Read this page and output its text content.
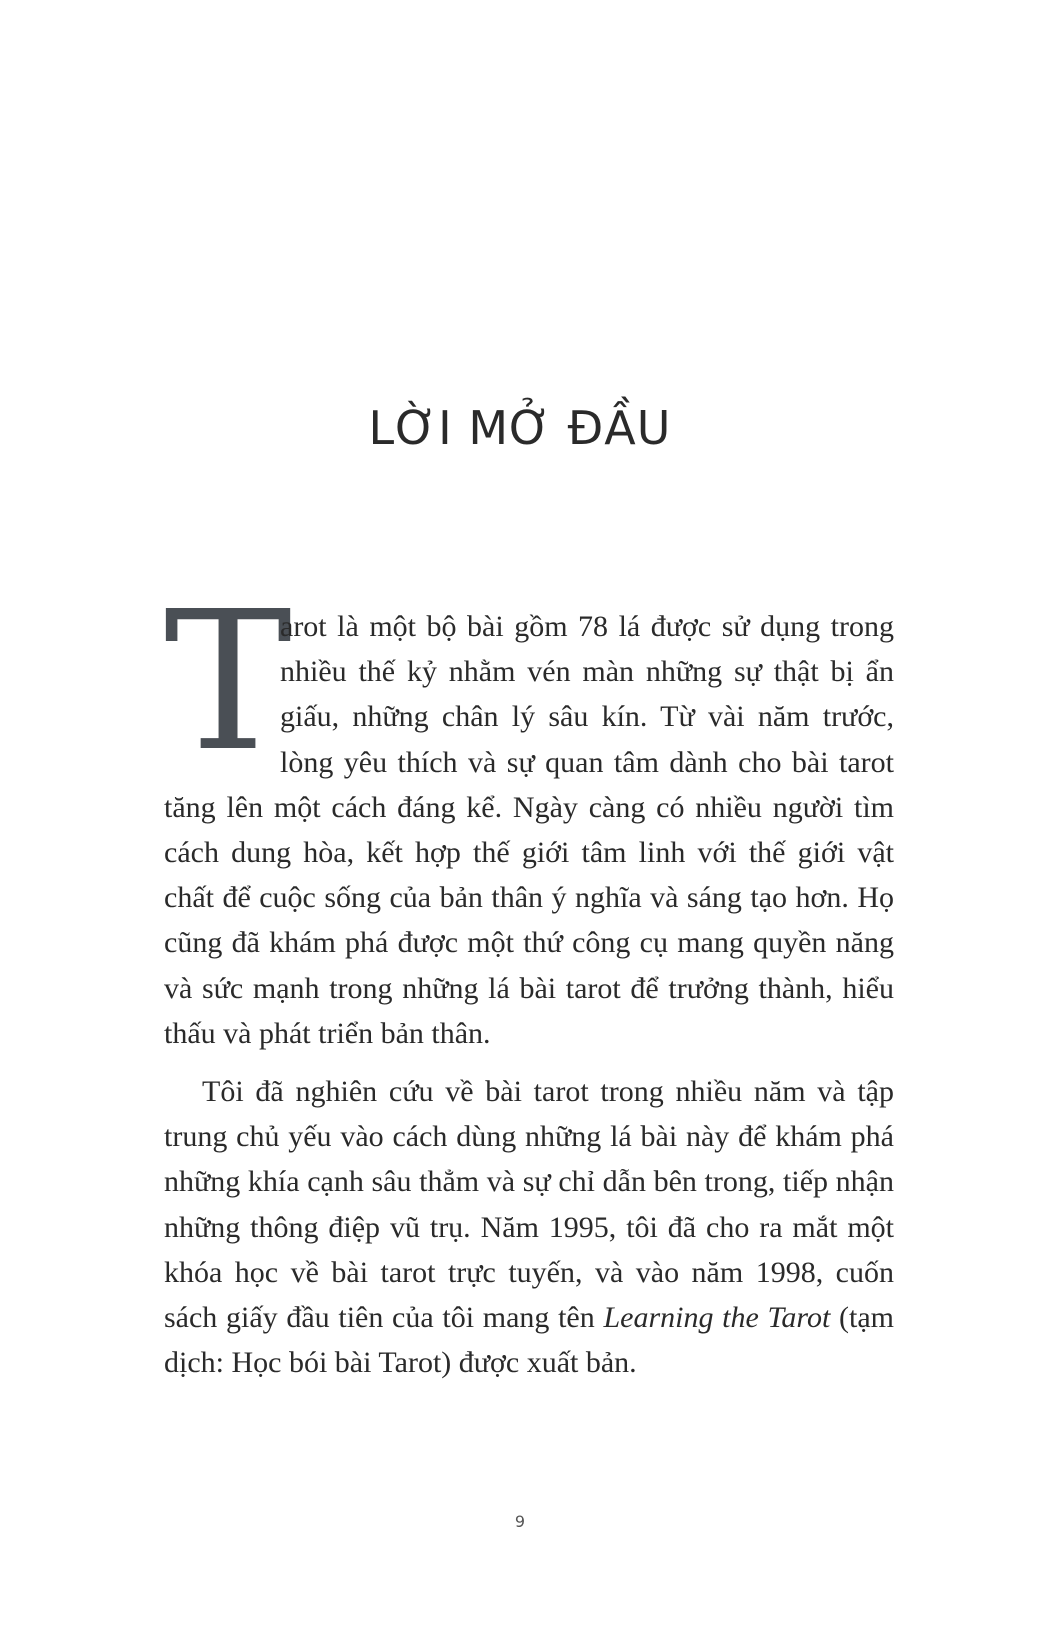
LỜI MỞ ĐẦU

T
arot là một bộ bài gồm 78 lá được sử dụng trong nhiều thế kỷ nhằm vén màn những sự thật bị ẩn giấu, những chân lý sâu kín. Từ vài năm trước, lòng yêu thích và sự quan tâm dành cho bài tarot tăng lên một cách đáng kể. Ngày càng có nhiều người tìm cách dung hòa, kết hợp thế giới tâm linh với thế giới vật chất để cuộc sống của bản thân ý nghĩa và sáng tạo hơn. Họ cũng đã khám phá được một thứ công cụ mang quyền năng và sức mạnh trong những lá bài tarot để trưởng thành, hiểu thấu và phát triển bản thân.

Tôi đã nghiên cứu về bài tarot trong nhiều năm và tập trung chủ yếu vào cách dùng những lá bài này để khám phá những khía cạnh sâu thẳm và sự chỉ dẫn bên trong, tiếp nhận những thông điệp vũ trụ. Năm 1995, tôi đã cho ra mắt một khóa học về bài tarot trực tuyến, và vào năm 1998, cuốn sách giấy đầu tiên của tôi mang tên Learning the Tarot (tạm dịch: Học bói bài Tarot) được xuất bản.

9
